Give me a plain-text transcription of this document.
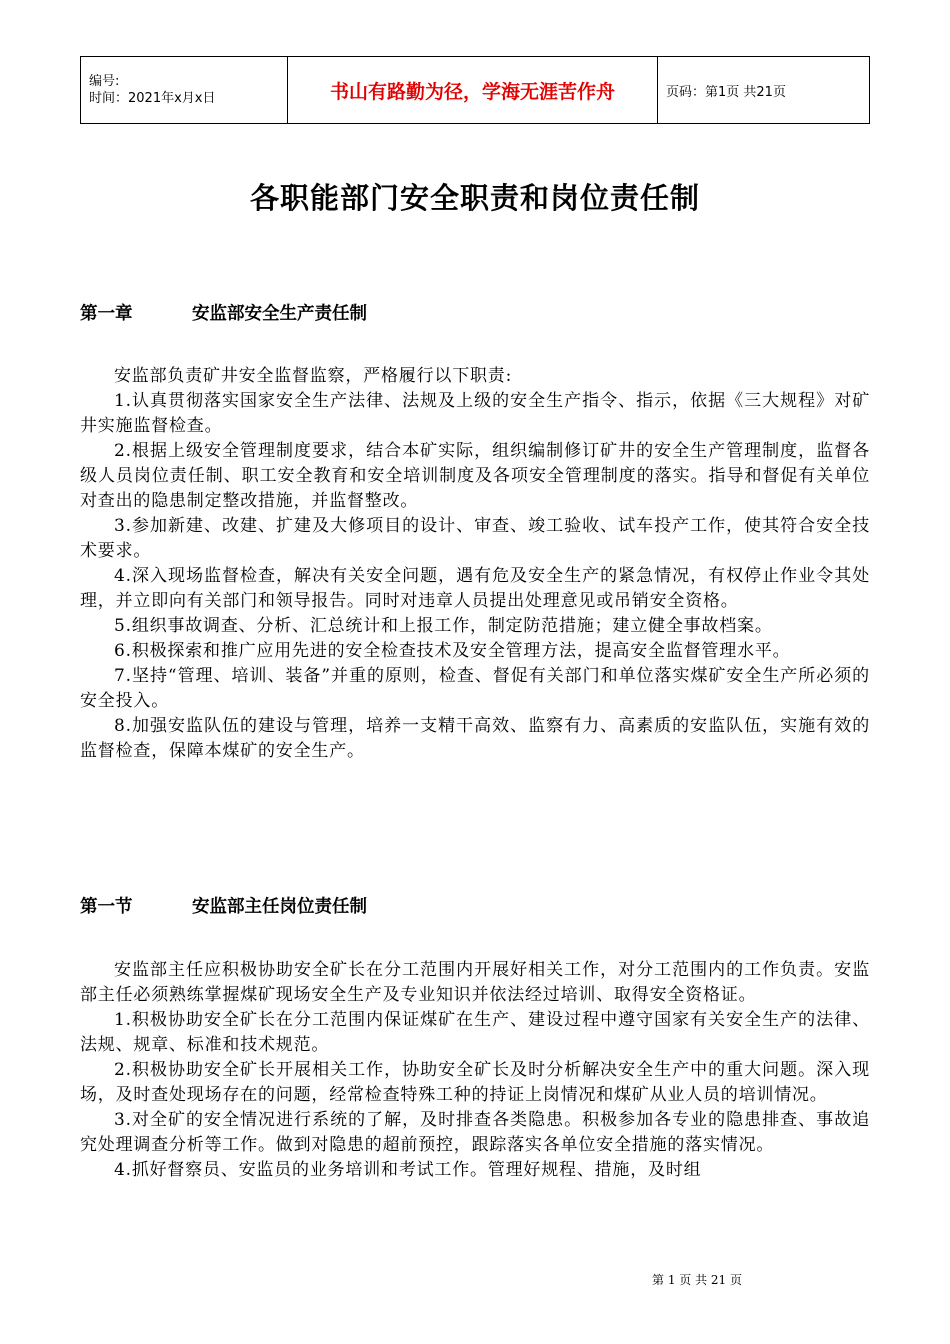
编号:
时间：2021年x月x日	书山有路勤为径，学海无涯苦作舟	页码：第1页 共21页
各职能部门安全职责和岗位责任制
第一章	安监部安全生产责任制

安监部负责矿井安全监督监察，严格履行以下职责:

1.认真贯彻落实国家安全生产法律、法规及上级的安全生产指令、指示，依据《三大规程》对矿井实施监督检查。

2.根据上级安全管理制度要求，结合本矿实际，组织编制修订矿井的安全生产管理制度，监督各级人员岗位责任制、职工安全教育和安全培训制度及各项安全管理制度的落实。指导和督促有关单位对查出的隐患制定整改措施，并监督整改。

3.参加新建、改建、扩建及大修项目的设计、审查、竣工验收、试车投产工作，使其符合安全技术要求。

4.深入现场监督检查，解决有关安全问题，遇有危及安全生产的紧急情况，有权停止作业令其处理，并立即向有关部门和领导报告。同时对违章人员提出处理意见或吊销安全资格。

5.组织事故调查、分析、汇总统计和上报工作，制定防范措施；建立健全事故档案。

6.积极探索和推广应用先进的安全检查技术及安全管理方法，提高安全监督管理水平。

7.坚持“管理、培训、装备”并重的原则，检查、督促有关部门和单位落实煤矿安全生产所必须的安全投入。

8.加强安监队伍的建设与管理，培养一支精干高效、监察有力、高素质的安监队伍，实施有效的监督检查，保障本煤矿的安全生产。

第一节	安监部主任岗位责任制

安监部主任应积极协助安全矿长在分工范围内开展好相关工作，对分工范围内的工作负责。安监部主任必须熟练掌握煤矿现场安全生产及专业知识并依法经过培训、取得安全资格证。

1.积极协助安全矿长在分工范围内保证煤矿在生产、建设过程中遵守国家有关安全生产的法律、法规、规章、标准和技术规范。

2.积极协助安全矿长开展相关工作，协助安全矿长及时分析解决安全生产中的重大问题。深入现场，及时查处现场存在的问题，经常检查特殊工种的持证上岗情况和煤矿从业人员的培训情况。

3.对全矿的安全情况进行系统的了解，及时排查各类隐患。积极参加各专业的隐患排查、事故追究处理调查分析等工作。做到对隐患的超前预控，跟踪落实各单位安全措施的落实情况。

4.抓好督察员、安监员的业务培训和考试工作。管理好规程、措施，及时组

第 1 页 共 21 页
